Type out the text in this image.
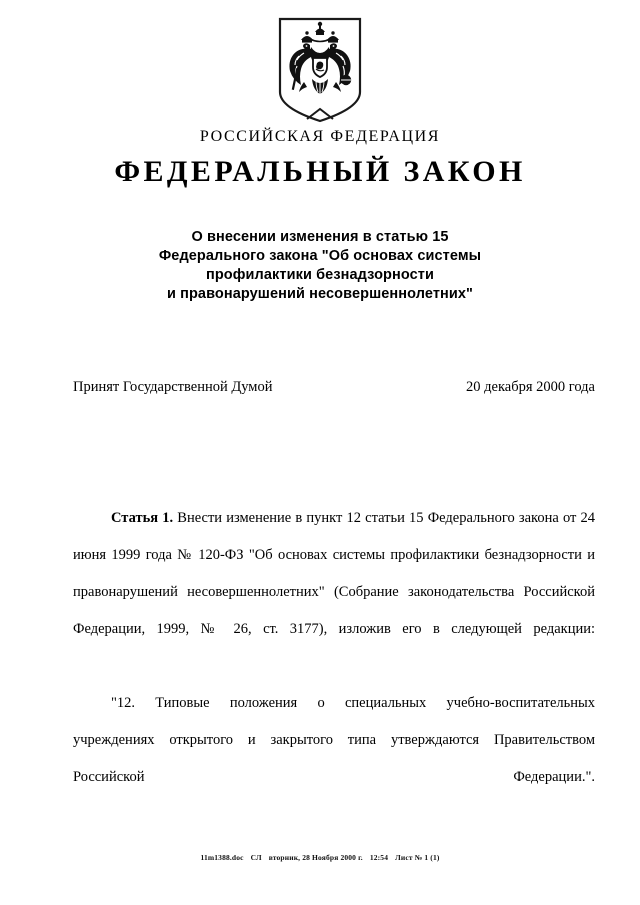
РОССИЙСКАЯ ФЕДЕРАЦИЯ
ФЕДЕРАЛЬНЫЙ ЗАКОН
О внесении изменения в статью 15
Федерального закона "Об основах системы
профилактики безнадзорности
и правонарушений несовершеннолетних"
Принят Государственной Думой	20 декабря 2000 года

Статья 1. Внести изменение в пункт 12 статьи 15 Федерального закона от 24 июня 1999 года № 120-ФЗ "Об основах системы профилактики безнадзорности и правонарушений несовершеннолетних" (Собрание законодательства Российской Федерации, 1999, № 26, ст. 3177), изложив его в следующей редакции:

"12. Типовые положения о специальных учебно-воспитательных учреждениях открытого и закрытого типа утверждаются Правительством Российской Федерации.".

11m1388.doc СЛ вторник, 28 Ноября 2000 г. 12:54 Лист № 1 (1)
